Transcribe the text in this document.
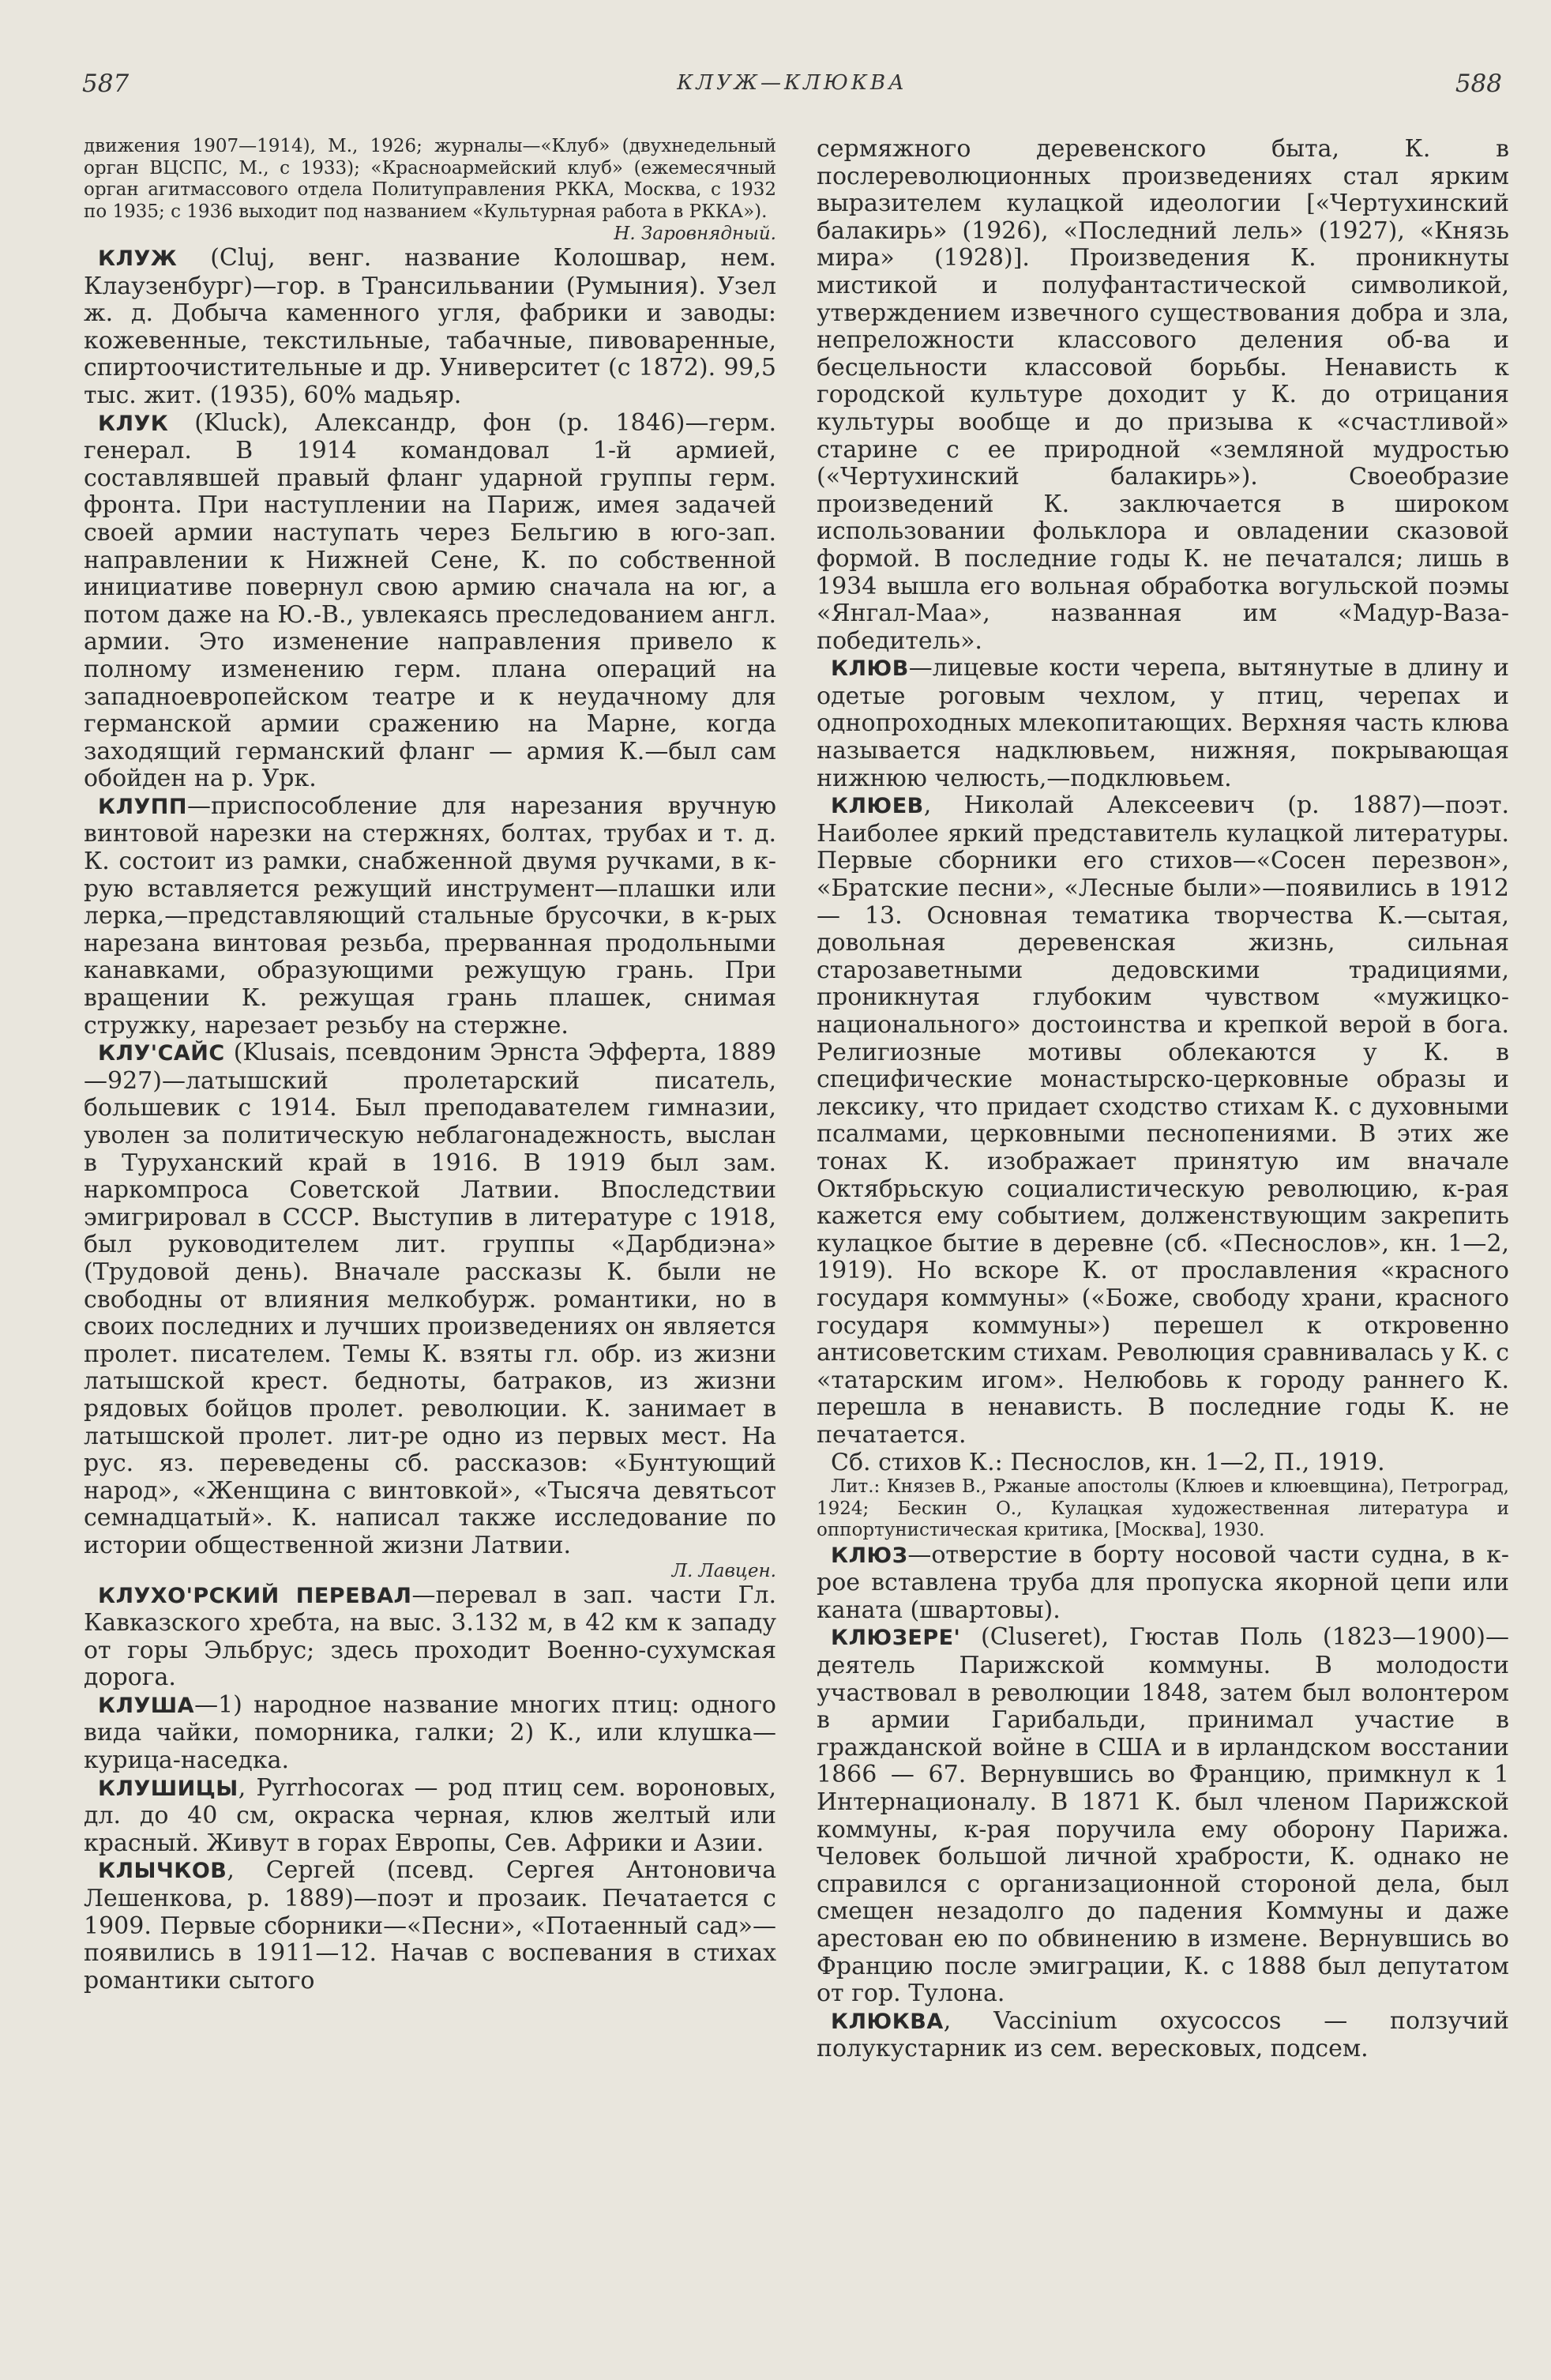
587	КЛУЖ—КЛЮКВА	588

движения 1907—1914), М., 1926; журналы—«Клуб» (двухнедельный орган ВЦСПС, М., с 1933); «Красноармейский клуб» (ежемесячный орган агитмассового отдела Политуправления РККА, Москва, с 1932 по 1935; с 1936 выходит под названием «Культурная работа в РККА»).

Н. Заровнядный.

КЛУЖ (Cluj, венг. название Колошвар, нем. Клаузенбург)—гор. в Трансильвании (Румыния). Узел ж. д. Добыча каменного угля, фабрики и заводы: кожевенные, текстильные, табачные, пивоваренные, спиртоочистительные и др. Университет (с 1872). 99,5 тыс. жит. (1935), 60% мадьяр.

КЛУК (Kluck), Александр, фон (р. 1846)—герм. генерал. В 1914 командовал 1-й армией, составлявшей правый фланг ударной группы герм. фронта. При наступлении на Париж, имея задачей своей армии наступать через Бельгию в юго-зап. направлении к Нижней Сене, К. по собственной инициативе повернул свою армию сначала на юг, а потом даже на Ю.-В., увлекаясь преследованием англ. армии. Это изменение направления привело к полному изменению герм. плана операций на западноевропейском театре и к неудачному для германской армии сражению на Марне, когда заходящий германский фланг — армия К.—был сам обойден на р. Урк.

КЛУПП—приспособление для нарезания вручную винтовой нарезки на стержнях, болтах, трубах и т. д. К. состоит из рамки, снабженной двумя ручками, в к-рую вставляется режущий инструмент—плашки или лерка,—представляющий стальные брусочки, в к-рых нарезана винтовая резьба, прерванная продольными канавками, образующими режущую грань. При вращении К. режущая грань плашек, снимая стружку, нарезает резьбу на стержне.

КЛУ'САЙС (Klusais, псевдоним Эрнста Эфферта, 1889—927)—латышский пролетарский писатель, большевик с 1914. Был преподавателем гимназии, уволен за политическую неблагонадежность, выслан в Туруханский край в 1916. В 1919 был зам. наркомпроса Советской Латвии. Впоследствии эмигрировал в СССР. Выступив в литературе с 1918, был руководителем лит. группы «Дарбдиэна» (Трудовой день). Вначале рассказы К. были не свободны от влияния мелкобурж. романтики, но в своих последних и лучших произведениях он является пролет. писателем. Темы К. взяты гл. обр. из жизни латышской крест. бедноты, батраков, из жизни рядовых бойцов пролет. революции. К. занимает в латышской пролет. лит-ре одно из первых мест. На рус. яз. переведены сб. рассказов: «Бунтующий народ», «Женщина с винтовкой», «Тысяча девятьсот семнадцатый». К. написал также исследование по истории общественной жизни Латвии.

Л. Лавцен.

КЛУХО'РСКИЙ ПЕРЕВАЛ—перевал в зап. части Гл. Кавказского хребта, на выс. 3.132 м, в 42 км к западу от горы Эльбрус; здесь проходит Военно-сухумская дорога.

КЛУША—1) народное название многих птиц: одного вида чайки, поморника, галки; 2) К., или клушка—курица-наседка.

КЛУШИЦЫ, Pyrrhocorax — род птиц сем. вороновых, дл. до 40 см, окраска черная, клюв желтый или красный. Живут в горах Европы, Сев. Африки и Азии.

КЛЫЧКОВ, Сергей (псевд. Сергея Антоновича Лешенкова, р. 1889)—поэт и прозаик. Печатается с 1909. Первые сборники—«Песни», «Потаенный сад»—появились в 1911—12. Начав с воспевания в стихах романтики сытого

сермяжного деревенского быта, К. в послереволюционных произведениях стал ярким выразителем кулацкой идеологии [«Чертухинский балакирь» (1926), «Последний лель» (1927), «Князь мира» (1928)]. Произведения К. проникнуты мистикой и полуфантастической символикой, утверждением извечного существования добра и зла, непреложности классового деления об-ва и бесцельности классовой борьбы. Ненависть к городской культуре доходит у К. до отрицания культуры вообще и до призыва к «счастливой» старине с ее природной «земляной мудростью («Чертухинский балакирь»). Своеобразие произведений К. заключается в широком использовании фольклора и овладении сказовой формой. В последние годы К. не печатался; лишь в 1934 вышла его вольная обработка вогульской поэмы «Янгал-Маа», названная им «Мадур-Ваза-победитель».

КЛЮВ—лицевые кости черепа, вытянутые в длину и одетые роговым чехлом, у птиц, черепах и однопроходных млекопитающих. Верхняя часть клюва называется надклювьем, нижняя, покрывающая нижнюю челюсть,—подклювьем.

КЛЮЕВ, Николай Алексеевич (р. 1887)—поэт. Наиболее яркий представитель кулацкой литературы. Первые сборники его стихов—«Сосен перезвон», «Братские песни», «Лесные были»—появились в 1912 — 13. Основная тематика творчества К.—сытая, довольная деревенская жизнь, сильная старозаветными дедовскими традициями, проникнутая глубоким чувством «мужицко-национального» достоинства и крепкой верой в бога. Религиозные мотивы облекаются у К. в специфические монастырско-церковные образы и лексику, что придает сходство стихам К. с духовными псалмами, церковными песнопениями. В этих же тонах К. изображает принятую им вначале Октябрьскую социалистическую революцию, к-рая кажется ему событием, долженствующим закрепить кулацкое бытие в деревне (сб. «Песнослов», кн. 1—2, 1919). Но вскоре К. от прославления «красного государя коммуны» («Боже, свободу храни, красного государя коммуны») перешел к откровенно антисоветским стихам. Революция сравнивалась у К. с «татарским игом». Нелюбовь к городу раннего К. перешла в ненависть. В последние годы К. не печатается.

Сб. стихов К.: Песнослов, кн. 1—2, П., 1919.

Лит.: Князев В., Ржаные апостолы (Клюев и клюевщина), Петроград, 1924; Бескин О., Кулацкая художественная литература и оппортунистическая критика, [Москва], 1930.

КЛЮЗ—отверстие в борту носовой части судна, в к-рое вставлена труба для пропуска якорной цепи или каната (швартовы).

КЛЮЗЕРЕ' (Cluseret), Гюстав Поль (1823—1900)—деятель Парижской коммуны. В молодости участвовал в революции 1848, затем был волонтером в армии Гарибальди, принимал участие в гражданской войне в США и в ирландском восстании 1866 — 67. Вернувшись во Францию, примкнул к 1 Интернационалу. В 1871 К. был членом Парижской коммуны, к-рая поручила ему оборону Парижа. Человек большой личной храбрости, К. однако не справился с организационной стороной дела, был смещен незадолго до падения Коммуны и даже арестован ею по обвинению в измене. Вернувшись во Францию после эмиграции, К. с 1888 был депутатом от гор. Тулона.

КЛЮКВА, Vaccinium oxycoccos — ползучий полукустарник из сем. вересковых, подсем.
